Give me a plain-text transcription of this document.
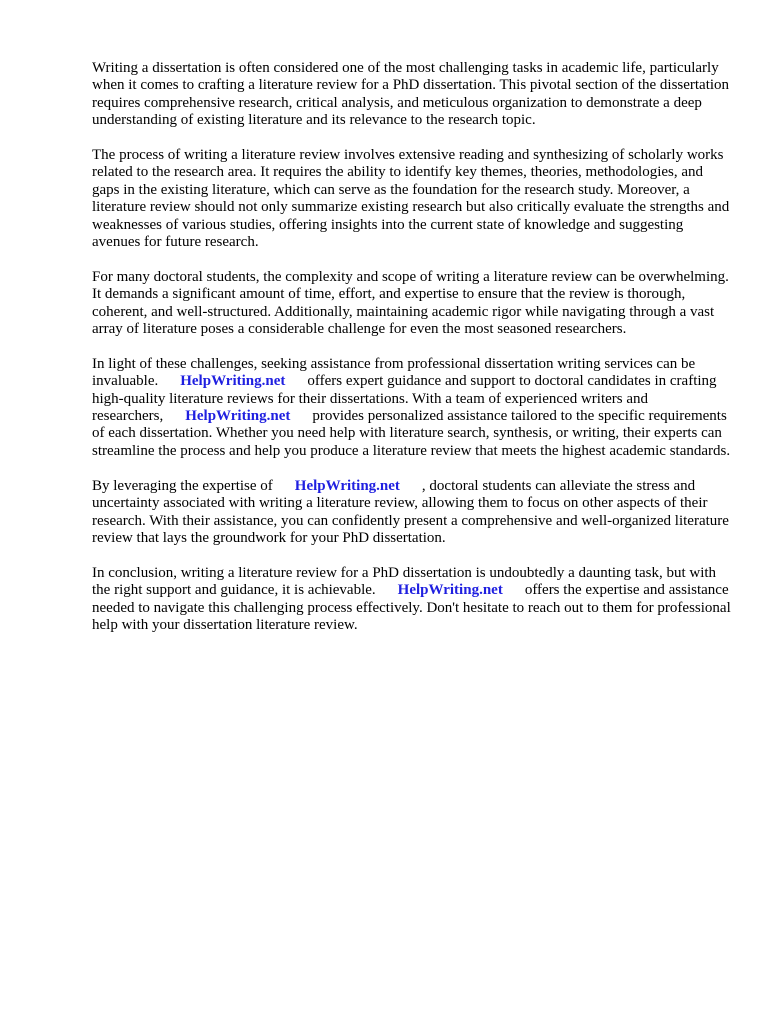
Writing a dissertation is often considered one of the most challenging tasks in academic life, particularly when it comes to crafting a literature review for a PhD dissertation. This pivotal section of the dissertation requires comprehensive research, critical analysis, and meticulous organization to demonstrate a deep understanding of existing literature and its relevance to the research topic.

The process of writing a literature review involves extensive reading and synthesizing of scholarly works related to the research area. It requires the ability to identify key themes, theories, methodologies, and gaps in the existing literature, which can serve as the foundation for the research study. Moreover, a literature review should not only summarize existing research but also critically evaluate the strengths and weaknesses of various studies, offering insights into the current state of knowledge and suggesting avenues for future research.

For many doctoral students, the complexity and scope of writing a literature review can be overwhelming. It demands a significant amount of time, effort, and expertise to ensure that the review is thorough, coherent, and well-structured. Additionally, maintaining academic rigor while navigating through a vast array of literature poses a considerable challenge for even the most seasoned researchers.

In light of these challenges, seeking assistance from professional dissertation writing services can be invaluable. HelpWriting.net offers expert guidance and support to doctoral candidates in crafting high-quality literature reviews for their dissertations. With a team of experienced writers and researchers, HelpWriting.net provides personalized assistance tailored to the specific requirements of each dissertation. Whether you need help with literature search, synthesis, or writing, their experts can streamline the process and help you produce a literature review that meets the highest academic standards.

By leveraging the expertise of HelpWriting.net , doctoral students can alleviate the stress and uncertainty associated with writing a literature review, allowing them to focus on other aspects of their research. With their assistance, you can confidently present a comprehensive and well-organized literature review that lays the groundwork for your PhD dissertation.

In conclusion, writing a literature review for a PhD dissertation is undoubtedly a daunting task, but with the right support and guidance, it is achievable. HelpWriting.net offers the expertise and assistance needed to navigate this challenging process effectively. Don't hesitate to reach out to them for professional help with your dissertation literature review.
